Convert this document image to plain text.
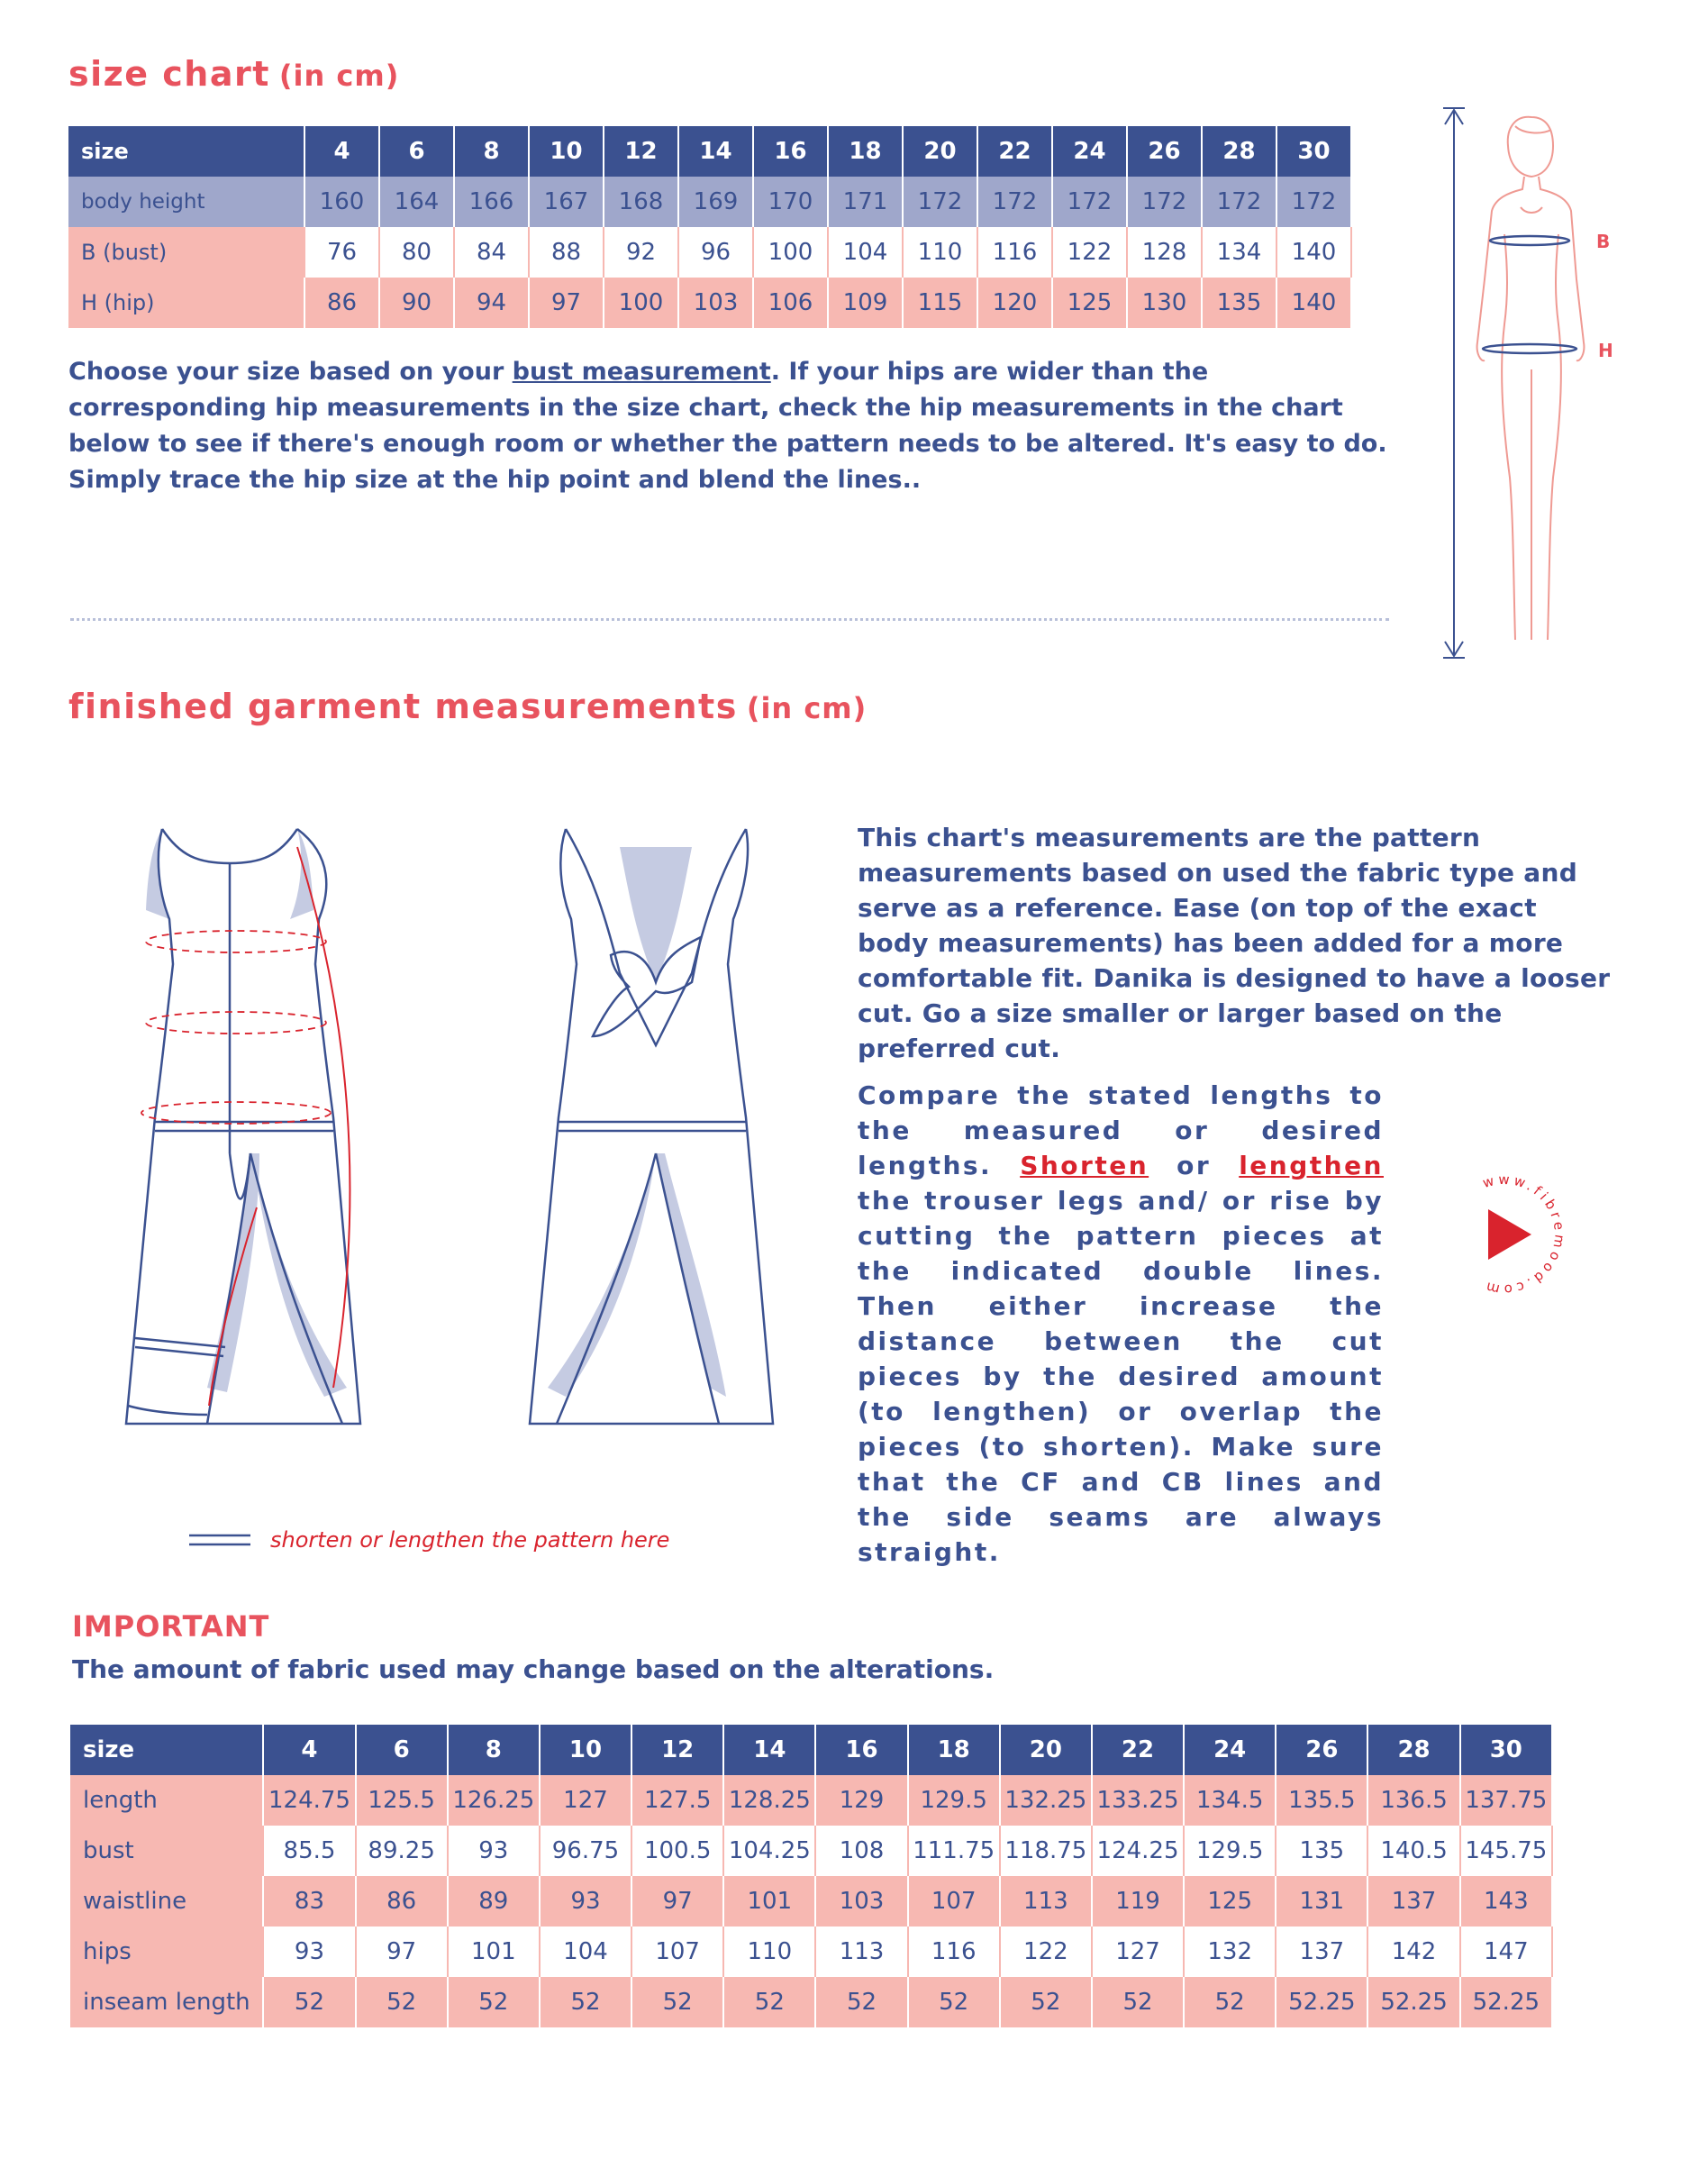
size chart (in cm)
size	4	6	8	10	12	14	16	18	20	22	24	26	28	30
body height	160	164	166	167	168	169	170	171	172	172	172	172	172	172
B (bust)	76	80	84	88	92	96	100	104	110	116	122	128	134	140
H (hip)	86	90	94	97	100	103	106	109	115	120	125	130	135	140
Choose your size based on your bust measurement. If your hips are wider than the corresponding hip measurements in the size chart, check the hip measurements in the chart below to see if there's enough room or whether the pattern needs to be altered. It's easy to do. Simply trace the hip size at the hip point and blend the lines..
B
H
finished garment measurements (in cm)
This chart's measurements are the pattern measurements based on used the fabric type and serve as a reference. Ease (on top of the exact body measurements) has been added for a more comfortable fit. Danika is designed to have a looser cut. Go a size smaller or larger based on the preferred cut.
Compare the stated lengths to the measured or desired lengths. Shorten or lengthen the trouser legs and/ or rise by cutting the pattern pieces at the indicated double lines. Then either increase the distance between the cut pieces by the desired amount (to lengthen) or overlap the pieces (to shorten). Make sure that the CF and CB lines and the side seams are always straight.
www.fibremood.com
shorten or lengthen the pattern here
IMPORTANT
The amount of fabric used may change based on the alterations.
size	4	6	8	10	12	14	16	18	20	22	24	26	28	30
length	124.75	125.5	126.25	127	127.5	128.25	129	129.5	132.25	133.25	134.5	135.5	136.5	137.75
bust	85.5	89.25	93	96.75	100.5	104.25	108	111.75	118.75	124.25	129.5	135	140.5	145.75
waistline	83	86	89	93	97	101	103	107	113	119	125	131	137	143
hips	93	97	101	104	107	110	113	116	122	127	132	137	142	147
inseam length	52	52	52	52	52	52	52	52	52	52	52	52.25	52.25	52.25
